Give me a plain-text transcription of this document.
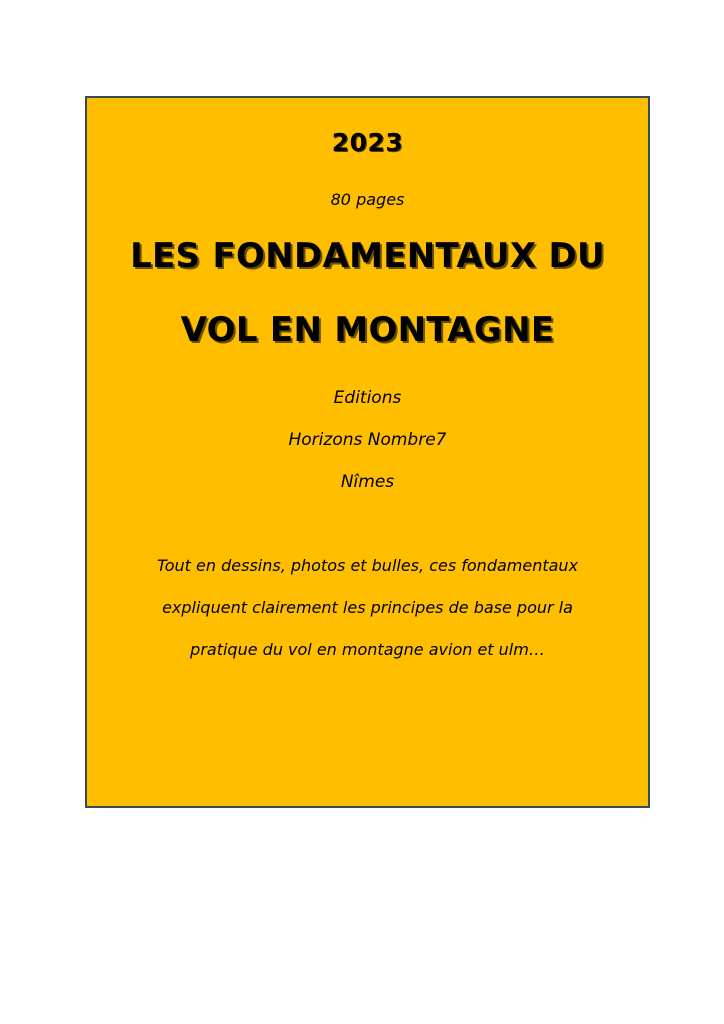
2023
80 pages
LES FONDAMENTAUX DU
VOL EN MONTAGNE
Editions
Horizons Nombre7
Nîmes
Tout en dessins, photos et bulles, ces fondamentaux
expliquent clairement les principes de base pour la
pratique du vol en montagne avion et ulm…
